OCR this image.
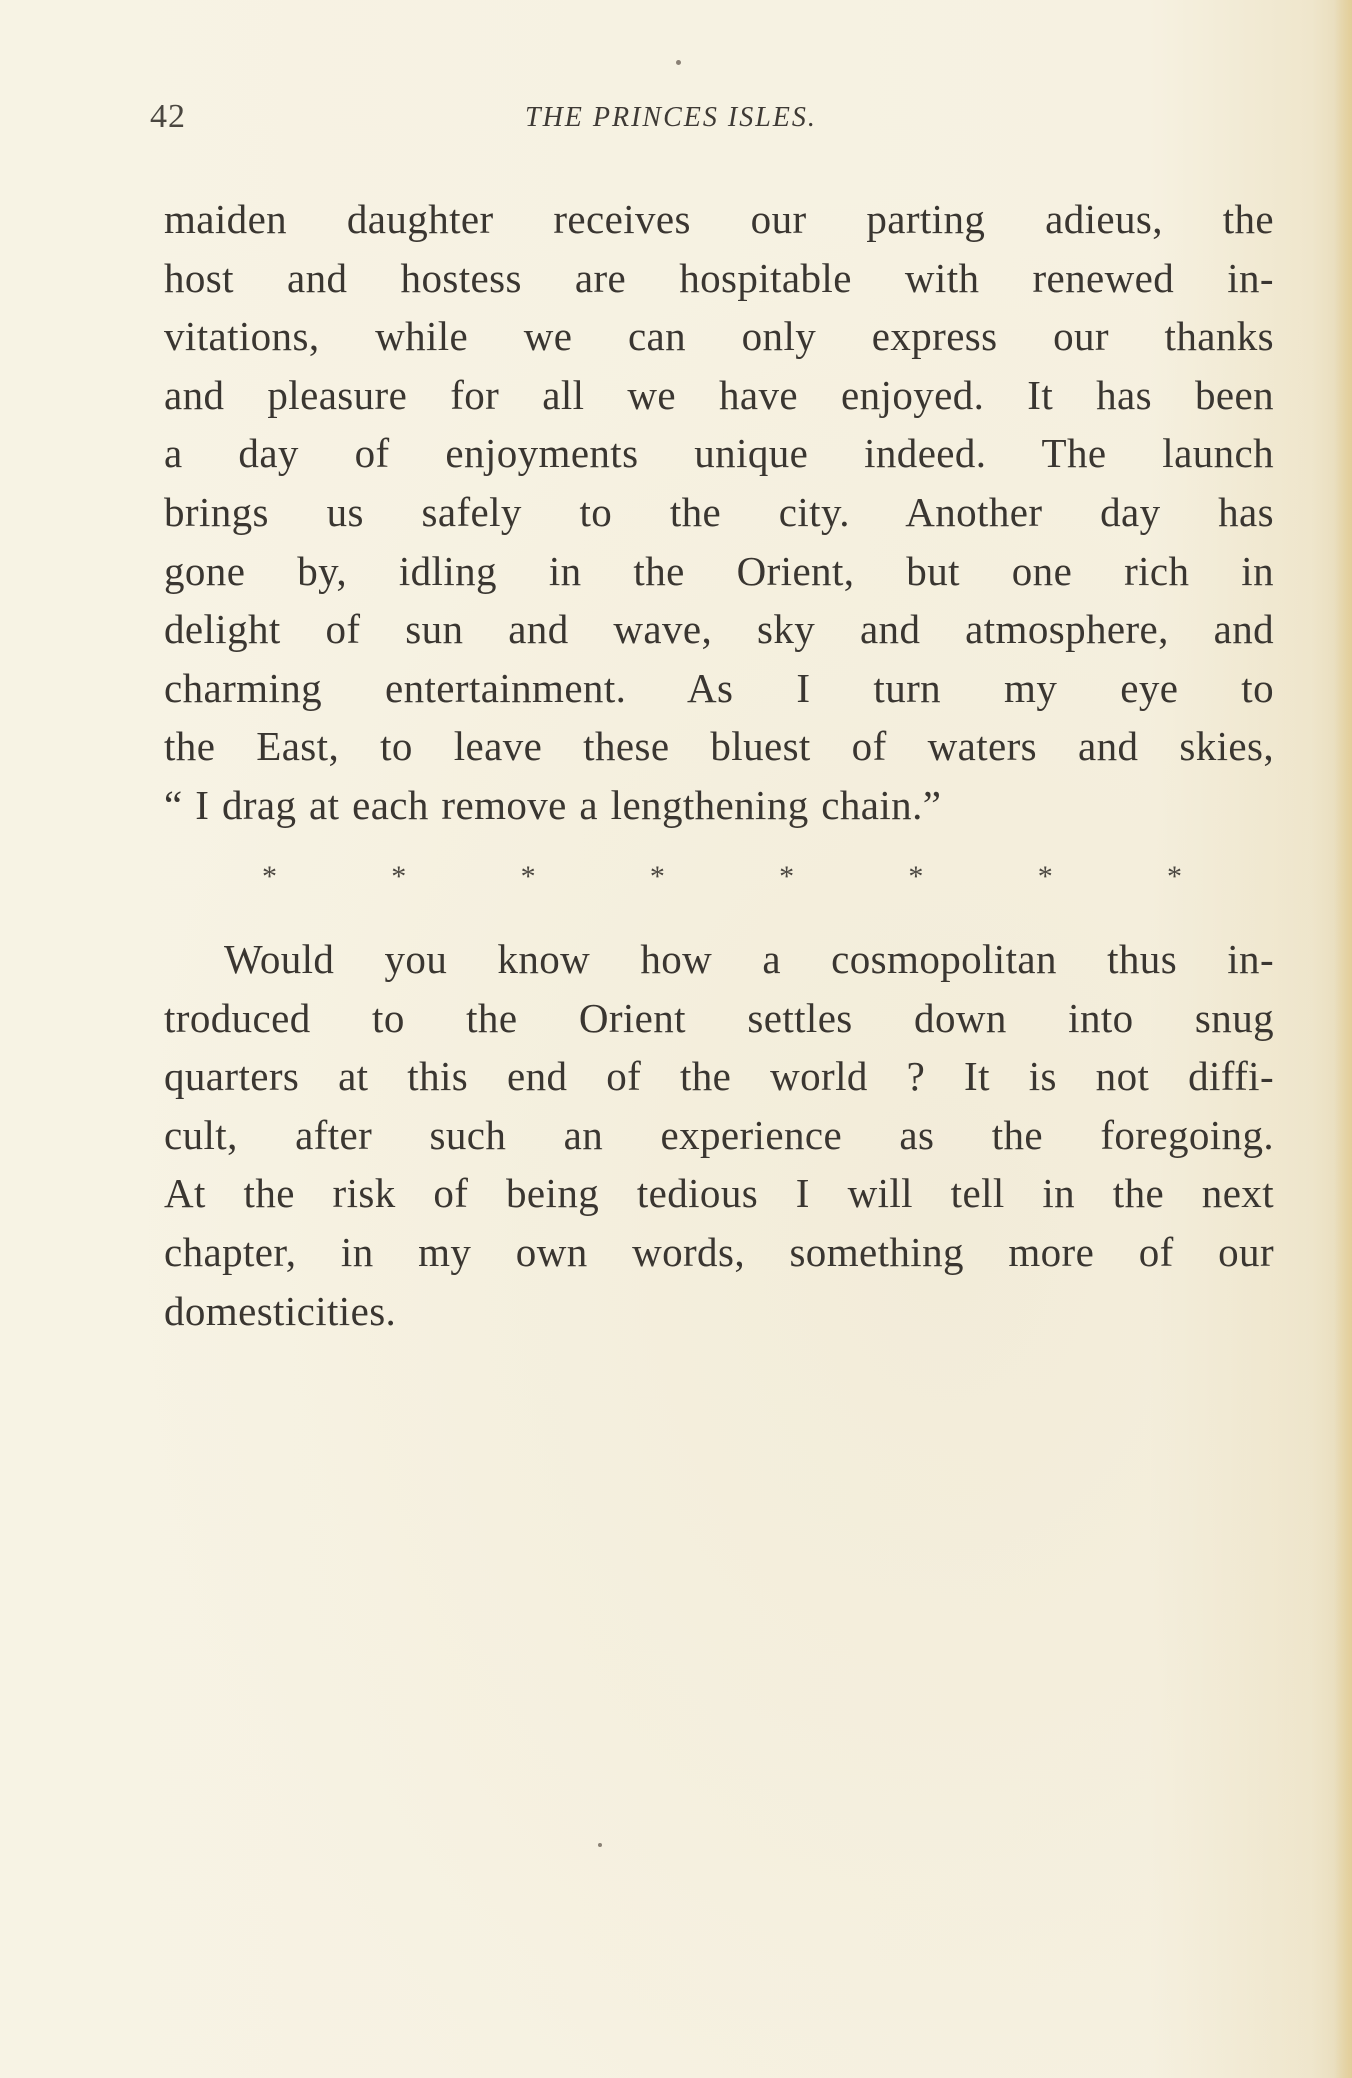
42	THE PRINCES ISLES.
maiden daughter receives our parting adieus, the
host and hostess are hospitable with renewed in-
vitations, while we can only express our thanks
and pleasure for all we have enjoyed. It has been
a day of enjoyments unique indeed. The launch
brings us safely to the city. Another day has
gone by, idling in the Orient, but one rich in
delight of sun and wave, sky and atmosphere, and
charming entertainment. As I turn my eye to
the East, to leave these bluest of waters and skies,
“ I drag at each remove a lengthening chain.”
*	*	*	*	*	*	*	*
Would you know how a cosmopolitan thus in-
troduced to the Orient settles down into snug
quarters at this end of the world ? It is not diffi-
cult, after such an experience as the foregoing.
At the risk of being tedious I will tell in the next
chapter, in my own words, something more of our
domesticities.
